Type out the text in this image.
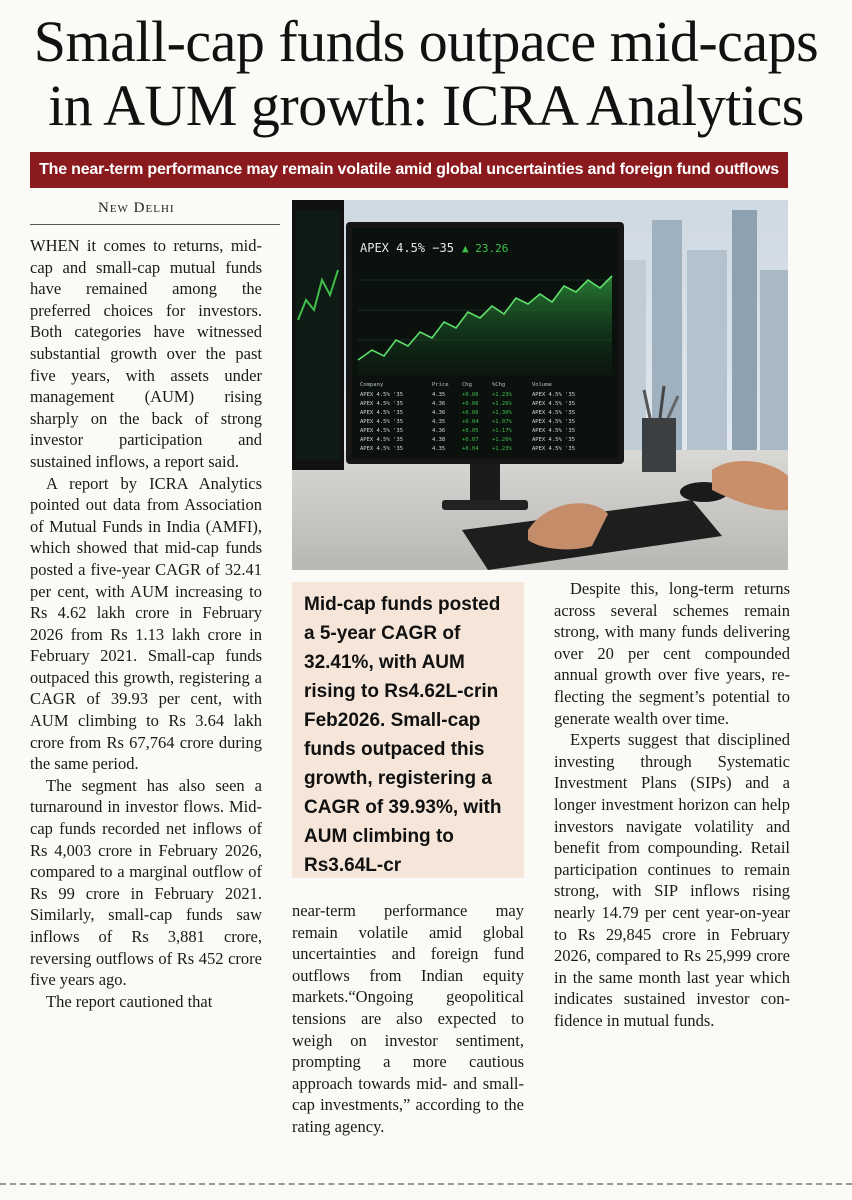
Small-cap funds outpace mid-caps
in AUM growth: ICRA Analytics
The near-term performance may remain volatile amid global uncertainties and foreign fund outflows
New Delhi

WHEN it comes to returns, mid-cap and small-cap mutual funds have remained among the preferred choices for investors. Both categories have witnessed substantial growth over the past five years, with assets under management (AUM) rising sharply on the back of strong investor participation and sustained inflows, a report said.

A report by ICRA Analytics pointed out data from Association of Mutual Funds in India (AMFI), which showed that mid-cap funds posted a five-year CAGR of 32.41 per cent, with AUM increasing to Rs 4.62 lakh crore in February 2026 from Rs 1.13 lakh crore in February 2021. Small-cap funds outpaced this growth, registering a CAGR of 39.93 per cent, with AUM climbing to Rs 3.64 lakh crore from Rs 67,764 crore during the same period.

The segment has also seen a turnaround in investor flows. Mid-cap funds recorded net inflows of Rs 4,003 crore in February 2026, compared to a marginal outflow of Rs 99 crore in February 2021. Similarly, small-cap funds saw inflows of Rs 3,881 crore, reversing outflows of Rs 452 crore five years ago.

The report cautioned that

APEX 4.5% −35 ▲ 23.26
Company	Price Chg	%Chg	Volume
APEX 4.5% '35	4.35	+0.06 +1.23%	APEX 4.5% '35
APEX 4.5% '35	4.36	+0.06 +1.26%	APEX 4.5% '35
APEX 4.5% '35	4.36	+0.06 +1.30%	APEX 4.5% '35
APEX 4.5% '35	4.35	+0.04 +1.07%	APEX 4.5% '35
APEX 4.5% '35	4.36	+0.05 +1.17%	APEX 4.5% '35
APEX 4.5% '35	4.38	+0.07 +1.26%	APEX 4.5% '35
APEX 4.5% '35	4.35	+0.04 +1.23%	APEX 4.5% '35
Mid-cap funds posted a 5-year CAGR of 32.41%, with AUM rising to Rs4.62L-crin Feb2026. Small-cap funds outpaced this growth, registering a CAGR of 39.93%, with AUM climbing to Rs3.64L-cr

near-term performance may remain volatile amid global uncertainties and foreign fund outflows from Indian equity markets.“Ongoing geopolitical tensions are also expected to weigh on investor sentiment, prompting a more cautious approach towards mid- and small-cap investments,” according to the rating agency.

Despite this, long-term returns across several schemes remain strong, with many funds delivering over 20 per cent compounded annual growth over five years, reflecting the segment’s potential to generate wealth over time.

Experts suggest that disciplined investing through Systematic Investment Plans (SIPs) and a longer investment horizon can help investors navigate volatility and benefit from compounding. Retail participation continues to remain strong, with SIP inflows rising nearly 14.79 per cent year-on-year to Rs 29,845 crore in February 2026, compared to Rs 25,999 crore in the same month last year which indicates sustained investor confidence in mutual funds.
